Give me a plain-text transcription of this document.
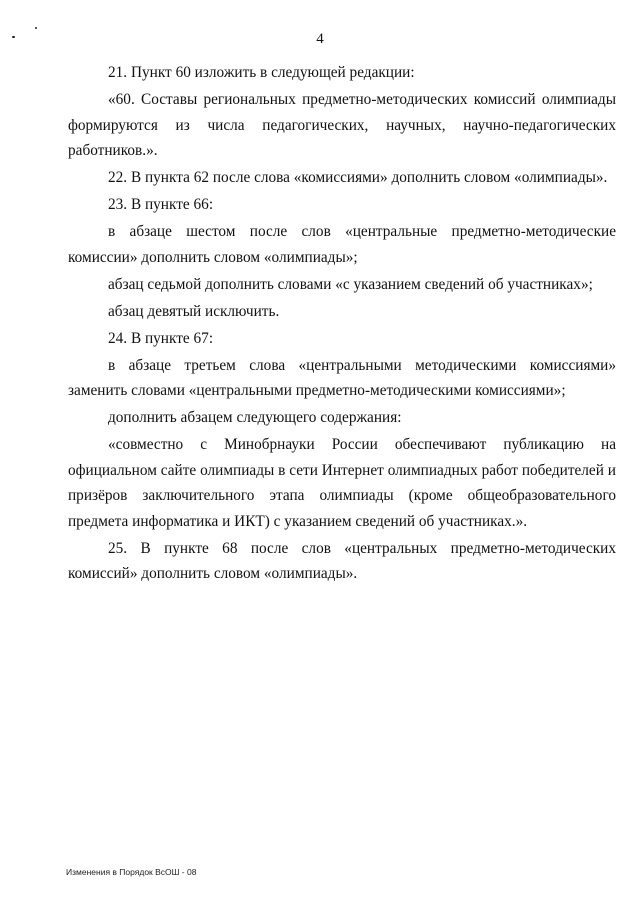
4

21. Пункт 60 изложить в следующей редакции:

«60. Составы региональных предметно-методических комиссий олимпиады формируются из числа педагогических, научных, научно-педагогических работников.».

22. В пункта 62 после слова «комиссиями» дополнить словом «олимпиады».

23. В пункте 66:

в абзаце шестом после слов «центральные предметно-методические комиссии» дополнить словом «олимпиады»;

абзац седьмой дополнить словами «с указанием сведений об участниках»;

абзац девятый исключить.

24. В пункте 67:

в абзаце третьем слова «центральными методическими комиссиями» заменить словами «центральными предметно-методическими комиссиями»;

дополнить абзацем следующего содержания:

«совместно с Минобрнауки России обеспечивают публикацию на официальном сайте олимпиады в сети Интернет олимпиадных работ победителей и призёров заключительного этапа олимпиады (кроме общеобразовательного предмета информатика и ИКТ) с указанием сведений об участниках.».

25. В пункте 68 после слов «центральных предметно-методических комиссий» дополнить словом «олимпиады».

Изменения в Порядок ВсОШ - 08
